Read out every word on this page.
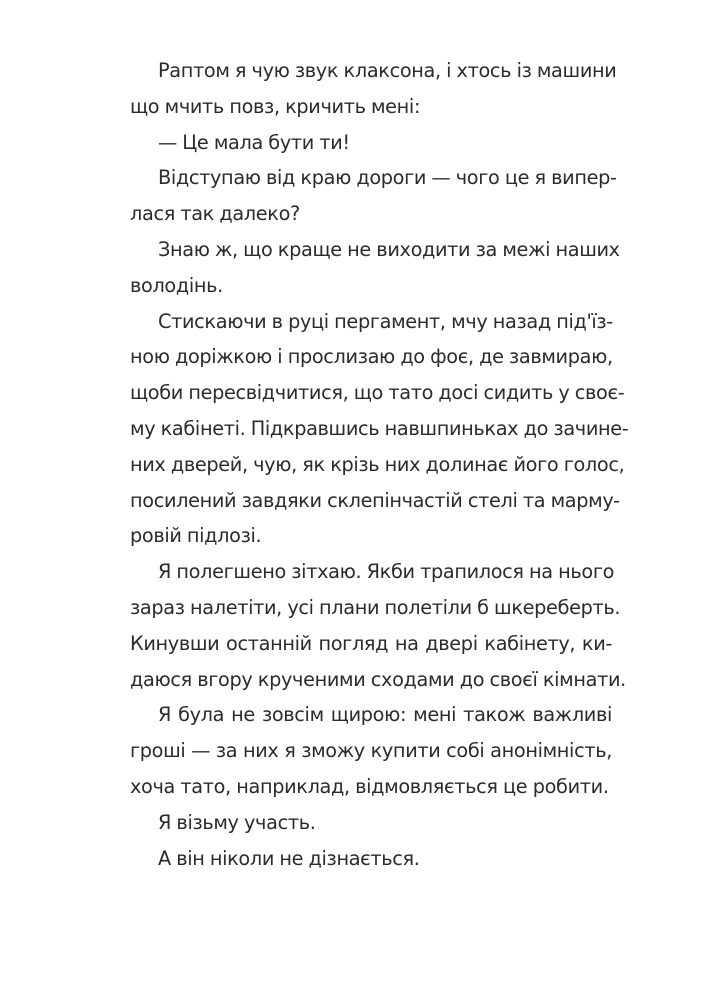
Раптом я чую звук клаксона, і хтось із машини
що мчить повз, кричить мені:
— Це мала бути ти!
Відступаю від краю дороги — чого це я випер-
лася так далеко?
Знаю ж, що краще не виходити за межі наших
володінь.
Стискаючи в руці пергамент, мчу назад під'їз-
ною доріжкою і прослизаю до фоє, де завмираю,
щоби пересвідчитися, що тато досі сидить у своє-
му кабінеті. Підкравшись навшпиньках до зачине-
них дверей, чую, як крізь них долинає його голос,
посилений завдяки склепінчастій стелі та мармy-
ровій підлозі.
Я полегшено зітхаю. Якби трапилося на нього
зараз налетіти, усі плани полетіли б шкереберть.
Кинувши останній погляд на двері кабінету, ки-
даюся вгору крученими сходами до своєї кімнати.
Я була не зовсім щирою: мені також важливі
гроші — за них я зможу купити собі анонімність,
хоча тато, наприклад, відмовляється це робити.
Я візьму участь.
А він ніколи не дізнається.
